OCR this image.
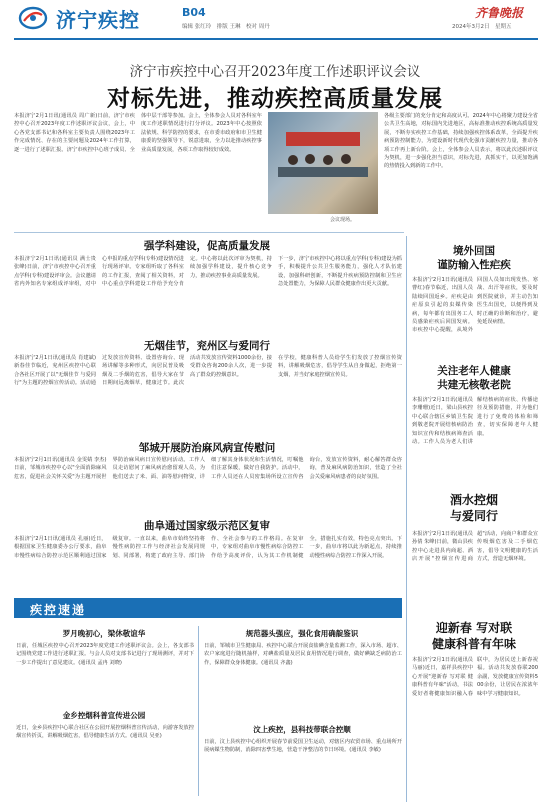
济宁疾控	B04
编辑 张红玲　排版 王琳　校对 周丹
齐鲁晚报
2024年3月2日　星期五
济宁市疾控中心召开2023年度工作述职评议会议
对标先进，推动疾控高质量发展
本报济宁2月1日讯(通讯员 周广新)日前，济宁市疾控中心召开2023年度工作述职评议会议，会上，中心各党支部书记和各科室主要负责人围绕2023年工作完成情况、存在的主要问题及2024年工作打算，逐一进行了述职汇报。济宁市疾控中心班子成员、全体中层干部等参加。会上，全体参会人员对各科室年度工作述职情况进行打分评议。2023年中心按照依法依规、科学防控的要求，在市委市政府和市卫生健康委的坚强领导下，锐意进取，全力以赴推动疾控事业高质量发展，各项工作取得较好成效。
会议现场。
各级主要部门的充分肯定和高度认可。2024年中心将聚力建设全省公共卫生高地，对标国内先进地区，高标准推动疾控系统高质量发展，不断夯实疾控工作基础，持续加强疾控体系改革，全面提升疾病预防控制能力，为建设新时代现代化强市贡献疾控力量，推动各项工作再上新台阶。会上，全体参会人员表示，将以此次述职评议为契机，进一步强化担当意识，对标先进，真抓实干，以更加饱满的热情投入到新的工作中。
强学科建设，促高质量发展
本报济宁2月1日讯(通讯员 满士贵 张峰)日前，济宁市疾控中心召开重点学科(专科)建设评审会。会议邀请省内外知名专家组成评审组，对中心申报的重点学科(专科)建设情况进行现场评审。专家组听取了各科室的工作汇报，查阅了相关资料，对中心重点学科建设工作给予充分肯定。中心将以此次评审为契机，持续加强学科建设，提升核心竞争力，推动疾控事业高质量发展。
下一步，济宁市疾控中心将以重点学科(专科)建设为抓手，积极提升公共卫生服务能力，强化人才队伍建设，加强科研创新，不断提升疾病预防控制和卫生应急处置能力，为保障人民群众健康作出更大贡献。
无烟佳节，兖州区与爱同行
本报济宁2月1日讯(通讯员 肖建斌)新春佳节临近，兖州区疾控中心联合各社区开展了以"无烟佳节 与爱同行"为主题的控烟宣传活动。活动通过发放宣传资料、设置咨询台、现场讲解等多种形式，向居民普及吸烟及二手烟的危害，倡导大家在节日期间远离烟草，健康过节。此次活动共发放宣传资料1000余份，接受群众咨询200余人次，进一步提高了群众的控烟意识。
在学校，健康科普人员给学生们发放了控烟宣传资料，讲解吸烟危害，倡导学生从自身做起，拒绝第一支烟，并当好家庭控烟宣传员。
邹城开展防治麻风病宣传慰问
本报济宁2月1日讯(通讯员 金雯婧 李杰)日前，邹城市疾控中心以"全面消除麻风危害，促进社会关怀关爱"为主题开展世界防治麻风病日宣传慰问活动。工作人员走访慰问了麻风病治愈留观人员，为他们送去了米、面、油等慰问物资，详细了解其身体状况和生活情况，叮嘱他们注意保暖，做好自我防护。活动中，工作人员还在人员密集场所设立宣传咨询台，发放宣传资料，耐心解答群众咨询，普及麻风病防治知识，营造了全社会关爱麻风病患者的良好氛围。
曲阜通过国家级示范区复审
本报济宁2月1日讯(通讯员 孔丽)近日，根据国家卫生健康委办公厅要求，曲阜市慢性病综合防控示范区顺利通过国家级复审。一直以来，曲阜市始终坚持将慢性病防控工作与经济社会发展同规划、同部署，构建了政府主导、部门协作、全社会参与的工作格局。在复审中，专家组对曲阜市慢性病综合防控工作给予高度评价，认为其工作机制健全，措施扎实有效，特色亮点突出。下一步，曲阜市将以此为新起点，持续推动慢性病综合防控工作深入开展。
境外回国
谨防输入性疟疾
本报济宁2月1日讯(通讯员 曹红)春节临近，出国人员陆续回国返乡。疟疾是由疟原虫引起的虫媒传染病，每年都有出国务工人员感染疟疾后回国发病。市疾控中心提醒，从境外回国人员如出现发热、寒战、出汗等症状，要及时到医院就诊，并主动告知医生出国史，以便得到及时正确的诊断和治疗，避免延误病情。
关注老年人健康
共建无核敬老院
本报济宁2月1日讯(通讯员 李珊珊)近日，梁山县疾控中心联合辖区乡镇卫生院到敬老院开展结核病防治知识宣传和结核病筛查活动。工作人员为老人们讲解结核病的症状、传播途径及预防措施，并为他们进行了免费的体检和筛查，切实保障老年人健康。
酒水控烟
与爱同行
本报济宁2月1日讯(通讯员 孙倩 朱峰)日前，微山县疾控中心走进县内商超、酒店开展"控烟宣传进商超"活动，向商户和群众宣传吸烟危害及二手烟危害，倡导文明健康的生活方式，营造无烟环境。
迎新春 写对联
健康科普有年味
本报济宁2月1日讯(通讯员 马丽)近日，嘉祥县疾控中心开展"迎新春 写对联 健康科普有年味"活动，书法爱好者将健康知识融入春联中，为居民送上新春祝福。活动共发放春联200余副，发放健康宣传资料500余份，让居民在浓浓年味中学习健康知识。
疾控速递
罗月晚初心，梁休敬谊华
日前，任城区疾控中心召开2023年度党建工作述职评议会。会上，各支部书记围绕党建工作进行述职汇报。与会人员对支部书记进行了现场测评，并对下一步工作提出了意见建议。(通讯员 孟冉 刘晓)
金乡控烟科普宣传进公园
近日，金乡县疾控中心联合社区在公园开展控烟科普宣传活动，向游客发放控烟宣传折页，讲解吸烟危害，倡导健康生活方式。(通讯员 吴亚)
规范器头强应，强化食用确靛鉴识
日前，邹城市卫生健康局、疾控中心联合开展食盐碘含量监测工作，深入市场、超市、农户家庭进行随机抽样，对碘盐质量及居民食用情况进行调查，做好碘缺乏病防治工作，保障群众身体健康。(通讯员 齐鑫)
汶上疾控，县科技带联合控顺
日前，汶上县疾控中心组织开展春节前爱国卫生运动，对辖区内农贸市场、重点场所开展病媒生物防制，消除四害孳生地，营造干净整洁的节日环境。(通讯员 李敏)
